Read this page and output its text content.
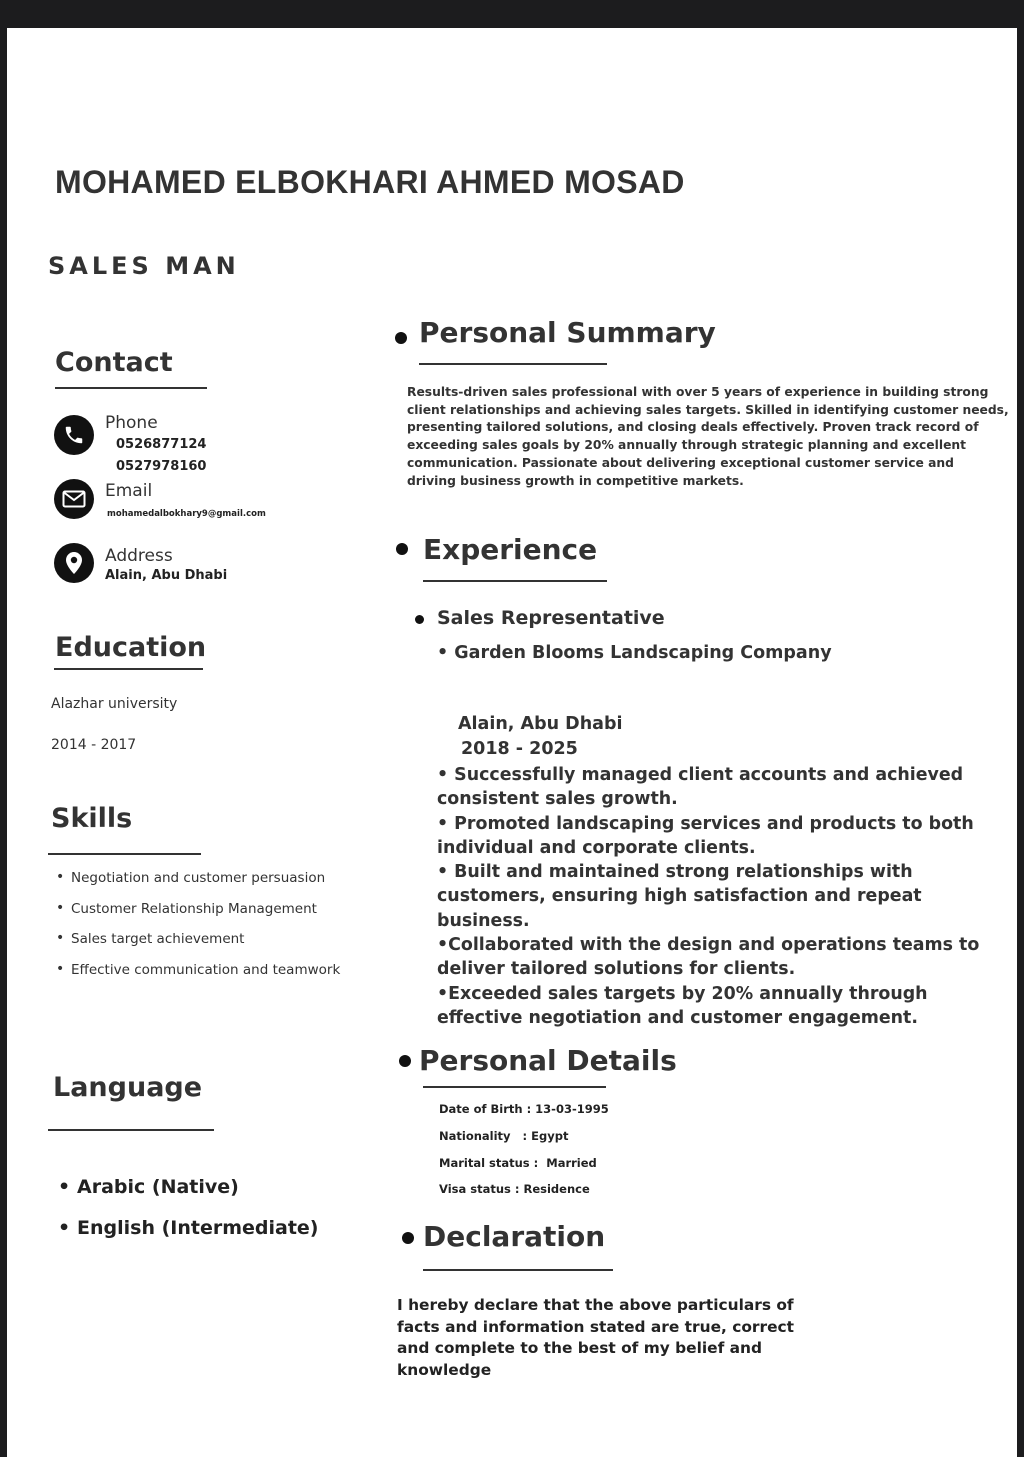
MOHAMED ELBOKHARI AHMED MOSAD
SALES MAN
Contact
Phone
0526877124
0527978160
Email
mohamedalbokhary9@gmail.com
Address
Alain, Abu Dhabi
Education
Alazhar university
2014 - 2017
Skills
• Negotiation and customer persuasion
• Customer Relationship Management
• Sales target achievement
• Effective communication and teamwork
Language
• Arabic (Native)
• English (Intermediate)
Personal Summary
Results-driven sales professional with over 5 years of experience in building strong
client relationships and achieving sales targets. Skilled in identifying customer needs,
presenting tailored solutions, and closing deals effectively. Proven track record of
exceeding sales goals by 20% annually through strategic planning and excellent
communication. Passionate about delivering exceptional customer service and
driving business growth in competitive markets.
Experience
Sales Representative
• Garden Blooms Landscaping Company
Alain, Abu Dhabi
2018 - 2025
• Successfully managed client accounts and achieved
consistent sales growth.
• Promoted landscaping services and products to both
individual and corporate clients.
• Built and maintained strong relationships with
customers, ensuring high satisfaction and repeat
business.
•Collaborated with the design and operations teams to
deliver tailored solutions for clients.
•Exceeded sales targets by 20% annually through
effective negotiation and customer engagement.
Personal Details
Date of Birth : 13-03-1995
Nationality   : Egypt
Marital status :  Married
Visa status : Residence
Declaration
I hereby declare that the above particulars of
facts and information stated are true, correct
and complete to the best of my belief and
knowledge
